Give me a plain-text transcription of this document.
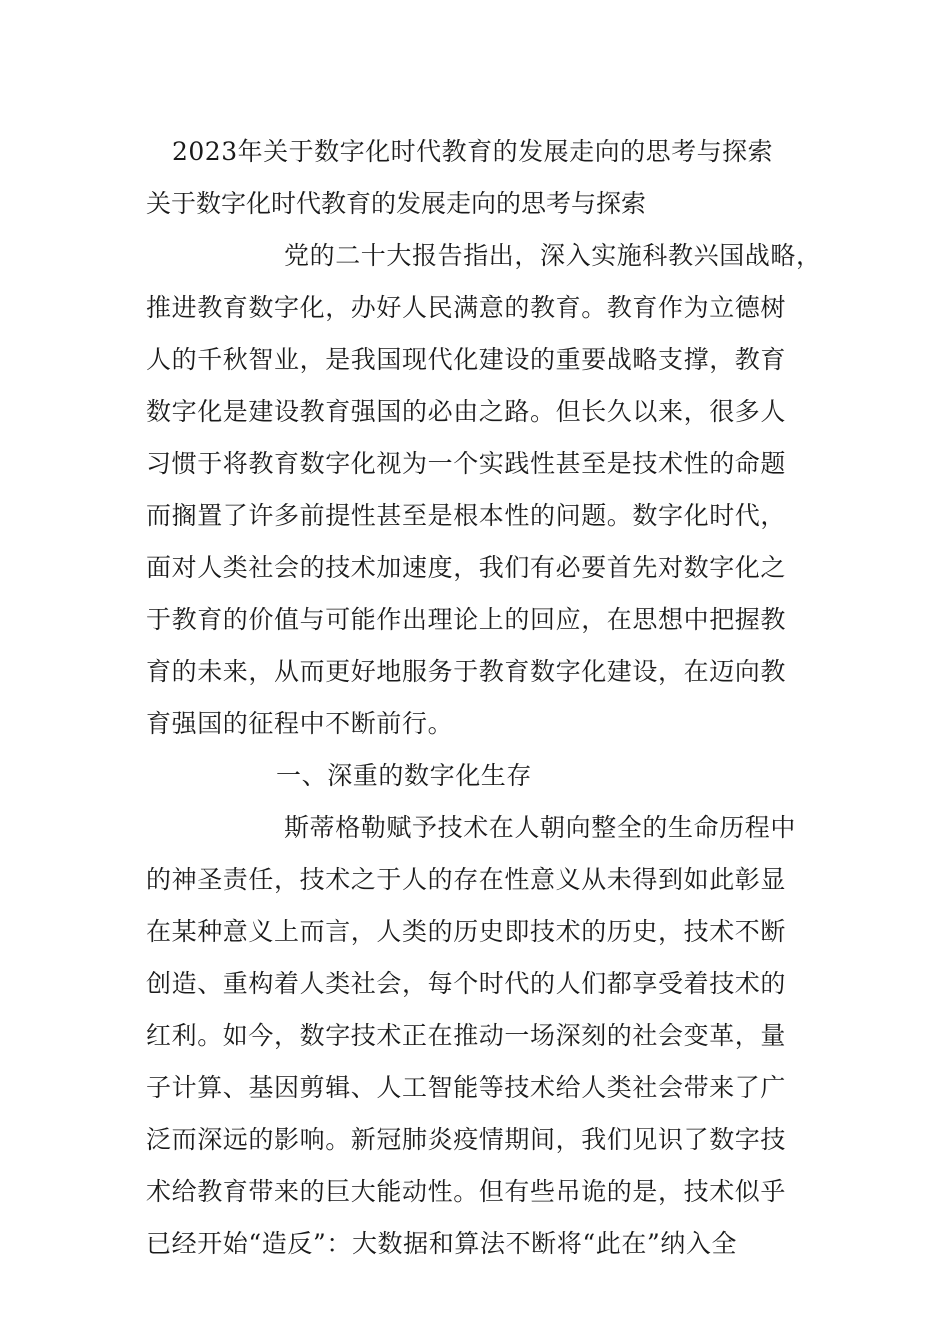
2023年关于数字化时代教育的发展走向的思考与探索
关于数字化时代教育的发展走向的思考与探索
党的二十大报告指出，深入实施科教兴国战略，
推进教育数字化，办好人民满意的教育。教育作为立德树
人的千秋智业，是我国现代化建设的重要战略支撑，教育
数字化是建设教育强国的必由之路。但长久以来，很多人
习惯于将教育数字化视为一个实践性甚至是技术性的命题
而搁置了许多前提性甚至是根本性的问题。数字化时代，
面对人类社会的技术加速度，我们有必要首先对数字化之
于教育的价值与可能作出理论上的回应，在思想中把握教
育的未来，从而更好地服务于教育数字化建设，在迈向教
育强国的征程中不断前行。
一、深重的数字化生存
斯蒂格勒赋予技术在人朝向整全的生命历程中
的神圣责任，技术之于人的存在性意义从未得到如此彰显
在某种意义上而言，人类的历史即技术的历史，技术不断
创造、重构着人类社会，每个时代的人们都享受着技术的
红利。如今，数字技术正在推动一场深刻的社会变革，量
子计算、基因剪辑、人工智能等技术给人类社会带来了广
泛而深远的影响。新冠肺炎疫情期间，我们见识了数字技
术给教育带来的巨大能动性。但有些吊诡的是，技术似乎
已经开始“造反”：大数据和算法不断将“此在”纳入全
